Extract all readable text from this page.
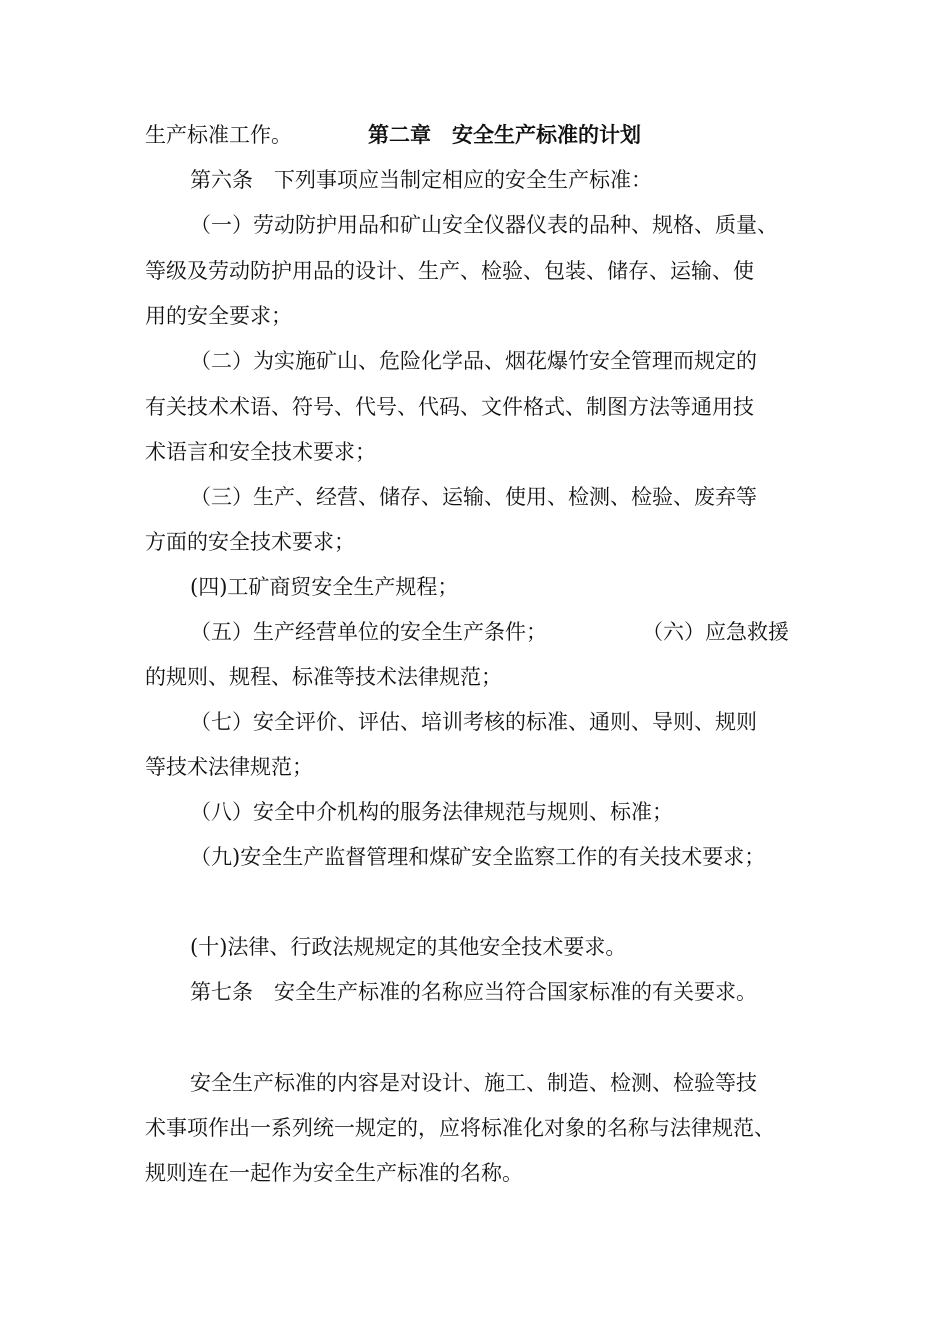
生产标准工作。	第二章　安全生产标准的计划
第六条　下列事项应当制定相应的安全生产标准：
（一）劳动防护用品和矿山安全仪器仪表的品种、规格、质量、
等级及劳动防护用品的设计、生产、检验、包装、储存、运输、使
用的安全要求；
（二）为实施矿山、危险化学品、烟花爆竹安全管理而规定的
有关技术术语、符号、代号、代码、文件格式、制图方法等通用技
术语言和安全技术要求；
（三）生产、经营、储存、运输、使用、检测、检验、废弃等
方面的安全技术要求；
(四)工矿商贸安全生产规程；
（五）生产经营单位的安全生产条件；	（六）应急救援
的规则、规程、标准等技术法律规范；
（七）安全评价、评估、培训考核的标准、通则、导则、规则
等技术法律规范；
（八）安全中介机构的服务法律规范与规则、标准；
（九)安全生产监督管理和煤矿安全监察工作的有关技术要求；
(十)法律、行政法规规定的其他安全技术要求。
第七条　安全生产标准的名称应当符合国家标准的有关要求。
安全生产标准的内容是对设计、施工、制造、检测、检验等技
术事项作出一系列统一规定的，应将标准化对象的名称与法律规范、
规则连在一起作为安全生产标准的名称。
